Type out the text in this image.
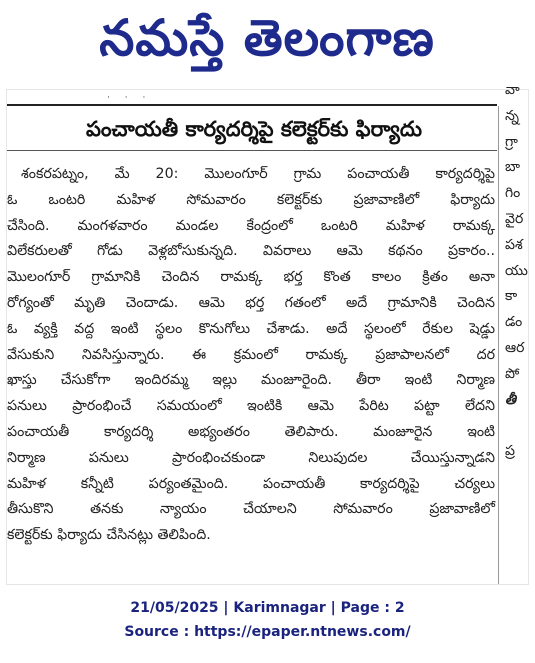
నమస్తే తెలంగాణ
· · ·
పంచాయతీ కార్యదర్శిపై కలెక్టర్‌కు ఫిర్యాదు
శంకరపట్నం, మే 20: మొలంగూర్ గ్రామ పంచాయతీ కార్యదర్శిపై
ఓ ఒంటరి మహిళ సోమవారం కలెక్టర్‌కు ప్రజావాణిలో ఫిర్యాదు
చేసింది. మంగళవారం మండల కేంద్రంలో ఒంటరి మహిళ రామక్క
విలేకరులతో గోడు వెళ్లబోసుకున్నది. వివరాలు ఆమె కథనం ప్రకారం..
మొలంగూర్ గ్రామానికి చెందిన రామక్క భర్త కొంత కాలం క్రితం అనా
రోగ్యంతో మృతి చెందాడు. ఆమె భర్త గతంలో అదే గ్రామానికి చెందిన
ఓ వ్యక్తి వద్ద ఇంటి స్థలం కొనుగోలు చేశాడు. అదే స్థలంలో రేకుల షెడ్డు
వేసుకుని నివసిస్తున్నారు. ఈ క్రమంలో రామక్క ప్రజాపాలనలో దర
ఖాస్తు చేసుకోగా ఇందిరమ్మ ఇల్లు మంజూరైంది. తీరా ఇంటి నిర్మాణ
పనులు ప్రారంభించే సమయంలో ఇంటికి ఆమె పేరిట పట్టా లేదని
పంచాయతీ కార్యదర్శి అభ్యంతరం తెలిపారు. మంజూరైన ఇంటి
నిర్మాణ పనులు ప్రారంభించకుండా నిలుపుదల చేయిస్తున్నాడని
మహిళ కన్నీటి పర్యంతమైంది. పంచాయతీ కార్యదర్శిపై చర్యలు
తీసుకొని తనకు న్యాయం చేయాలని సోమవారం ప్రజావాణిలో
కలెక్టర్‌కు ఫిర్యాదు చేసినట్లు తెలిపింది.
వా
న్న
గ్రా
బా
గిం
వైర
పశ
యు
కా
డం
ఆర
పో
తీ
ప్ర
21/05/2025 | Karimnagar | Page : 2
Source : https://epaper.ntnews.com/
